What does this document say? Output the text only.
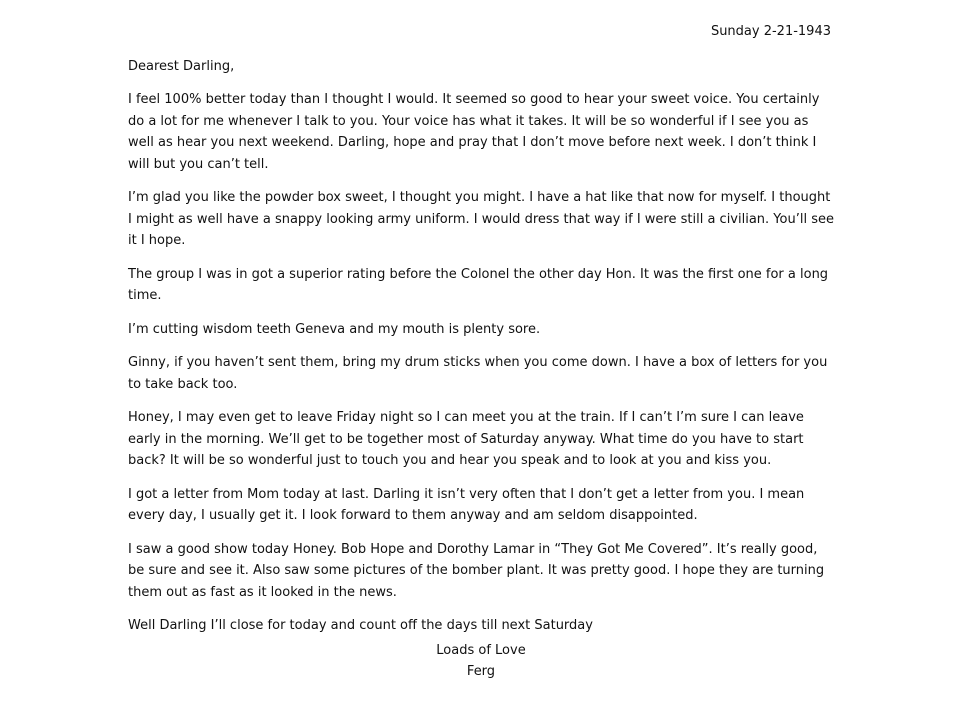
Sunday 2-21-1943
Dearest Darling,

I feel 100% better today than I thought I would. It seemed so good to hear your sweet voice. You certainly do a lot for me whenever I talk to you. Your voice has what it takes. It will be so wonderful if I see you as well as hear you next weekend. Darling, hope and pray that I don’t move before next week. I don’t think I will but you can’t tell.

I’m glad you like the powder box sweet, I thought you might. I have a hat like that now for myself. I thought I might as well have a snappy looking army uniform. I would dress that way if I were still a civilian. You’ll see it I hope.

The group I was in got a superior rating before the Colonel the other day Hon. It was the first one for a long time.

I’m cutting wisdom teeth Geneva and my mouth is plenty sore.

Ginny, if you haven’t sent them, bring my drum sticks when you come down. I have a box of letters for you to take back too.

Honey, I may even get to leave Friday night so I can meet you at the train. If I can’t I’m sure I can leave early in the morning. We’ll get to be together most of Saturday anyway. What time do you have to start back? It will be so wonderful just to touch you and hear you speak and to look at you and kiss you.

I got a letter from Mom today at last. Darling it isn’t very often that I don’t get a letter from you. I mean every day, I usually get it. I look forward to them anyway and am seldom disappointed.

I saw a good show today Honey. Bob Hope and Dorothy Lamar in “They Got Me Covered”. It’s really good, be sure and see it. Also saw some pictures of the bomber plant. It was pretty good. I hope they are turning them out as fast as it looked in the news.

Well Darling I’ll close for today and count off the days till next Saturday

Loads of Love
Ferg
